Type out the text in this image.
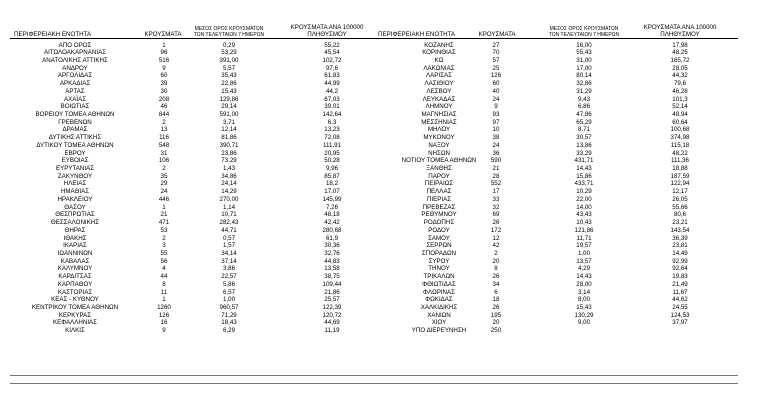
ΠΕΡΙΦΕΡΕΙΑΚΗ ΕΝΟΤΗΤΑ	ΚΡΟΥΣΜΑΤΑ
ΜΕΣΟΣ ΟΡΟΣ ΚΡΟΥΣΜΑΤΩΝ
ΤΩΝ ΤΕΛΕΥΤΑΙΩΝ 7 ΗΜΕΡΩΝ
ΚΡΟΥΣΜΑΤΑ ΑΝΑ 100000
ΠΛΗΘΥΣΜΟΥ	ΠΕΡΙΦΕΡΕΙΑΚΗ ΕΝΟΤΗΤΑ	ΚΡΟΥΣΜΑΤΑ
ΜΕΣΟΣ ΟΡΟΣ ΚΡΟΥΣΜΑΤΩΝ
ΤΩΝ ΤΕΛΕΥΤΑΙΩΝ 7 ΗΜΕΡΩΝ
ΚΡΟΥΣΜΑΤΑ ΑΝΑ 100000
ΠΛΗΘΥΣΜΟΥ
ΑΠΟ ΟΡΟΣ	1	0,29	55,22
ΑΙΤΩΛΟΑΚΑΡΝΑΝΙΑΣ	96	53,29	45,54
ΑΝΑΤΟΛΙΚΗΣ ΑΤΤΙΚΗΣ	516	391,00	102,72
ΑΝΔΡΟΥ	9	5,57	97,6
ΑΡΓΟΛΙΔΑΣ	60	35,43	61,83
ΑΡΚΑΔΙΑΣ	39	22,86	44,99
ΑΡΤΑΣ	30	15,43	44,2
ΑΧΑΪΑΣ	208	129,86	67,03
ΒΟΙΩΤΙΑΣ	46	29,14	39,01
ΒΟΡΕΙΟΥ ΤΟΜΕΑ ΑΘΗΝΩΝ	844	591,00	142,64
ΓΡΕΒΕΝΩΝ	2	3,71	6,3
ΔΡΑΜΑΣ	13	12,14	13,23
ΔΥΤΙΚΗΣ ΑΤΤΙΚΗΣ	116	81,86	72,08
ΔΥΤΙΚΟΥ ΤΟΜΕΑ ΑΘΗΝΩΝ	548	390,71	111,91
ΕΒΡΟΥ	31	23,86	20,95
ΕΥΒΟΙΑΣ	106	73,29	50,28
ΕΥΡΥΤΑΝΙΑΣ	2	1,43	9,96
ΖΑΚΥΝΘΟΥ	35	34,86	85,87
ΗΛΕΙΑΣ	29	24,14	18,2
ΗΜΑΘΙΑΣ	24	14,29	17,07
ΗΡΑΚΛΕΙΟΥ	446	270,00	145,99
ΘΑΣΟΥ	1	1,14	7,26
ΘΕΣΠΡΩΤΙΑΣ	21	10,71	48,18
ΘΕΣΣΑΛΟΝΙΚΗΣ	471	282,43	42,42
ΘΗΡΑΣ	53	44,71	280,68
ΙΘΑΚΗΣ	2	0,57	61,9
ΙΚΑΡΙΑΣ	3	1,57	30,36
ΙΩΑΝΝΙΝΩΝ	55	34,14	32,76
ΚΑΒΑΛΑΣ	56	37,14	44,83
ΚΑΛΥΜΝΟΥ	4	3,86	13,58
ΚΑΡΔΙΤΣΑΣ	44	22,57	38,75
ΚΑΡΠΑΘΟΥ	8	5,86	109,44
ΚΑΣΤΟΡΙΑΣ	11	6,57	21,86
ΚΕΑΣ - ΚΥΘΝΟΥ	1	1,00	25,57
ΚΕΝΤΡΙΚΟΥ ΤΟΜΕΑ ΑΘΗΝΩΝ	1260	960,57	122,39
ΚΕΡΚΥΡΑΣ	126	71,29	120,72
ΚΕΦΑΛΛΗΝΙΑΣ	16	18,43	44,69
ΚΙΛΚΙΣ	9	6,29	11,19
ΚΟΖΑΝΗΣ	27	16,00	17,98
ΚΟΡΙΝΘΙΑΣ	70	55,43	48,25
ΚΩ	57	31,00	165,72
ΛΑΚΩΝΙΑΣ	25	17,00	28,05
ΛΑΡΙΣΑΣ	126	80,14	44,32
ΛΑΣΙΘΙΟΥ	60	32,86	79,6
ΛΕΣΒΟΥ	40	31,29	46,28
ΛΕΥΚΑΔΑΣ	24	9,43	101,3
ΛΗΜΝΟΥ	9	6,86	52,14
ΜΑΓΝΗΣΙΑΣ	93	47,86	48,94
ΜΕΣΣΗΝΙΑΣ	97	65,29	60,64
ΜΗΛΟΥ	10	8,71	100,68
ΜΥΚΟΝΟΥ	38	30,57	374,98
ΝΑΞΟΥ	24	13,86	115,18
ΝΗΣΩΝ	36	33,29	48,22
ΝΟΤΙΟΥ ΤΟΜΕΑ ΑΘΗΝΩΝ	590	431,71	111,36
ΞΑΝΘΗΣ	21	14,43	18,88
ΠΑΡΟΥ	28	15,86	187,59
ΠΕΙΡΑΙΩΣ	552	433,71	122,94
ΠΕΛΛΑΣ	17	10,29	12,17
ΠΙΕΡΙΑΣ	33	22,00	26,05
ΠΡΕΒΕΖΑΣ	32	14,00	55,66
ΡΕΘΥΜΝΟΥ	69	43,43	80,6
ΡΟΔΟΠΗΣ	26	10,43	23,21
ΡΟΔΟΥ	172	121,86	143,54
ΣΑΜΟΥ	12	11,71	36,39
ΣΕΡΡΩΝ	42	19,57	23,81
ΣΠΟΡΑΔΩΝ	2	1,00	14,49
ΣΥΡΟΥ	20	13,57	92,99
ΤΗΝΟΥ	8	4,29	92,64
ΤΡΙΚΑΛΩΝ	26	14,43	19,83
ΦΘΙΩΤΙΔΑΣ	34	28,00	21,49
ΦΛΩΡΙΝΑΣ	6	3,14	11,67
ΦΩΚΙΔΑΣ	18	8,00	44,62
ΧΑΛΚΙΔΙΚΗΣ	26	15,43	24,55
ΧΑΝΙΩΝ	195	130,29	124,53
ΧΙΟΥ	20	9,00	37,97
ΥΠΟ ΔΙΕΡΕΥΝΗΣΗ	250
